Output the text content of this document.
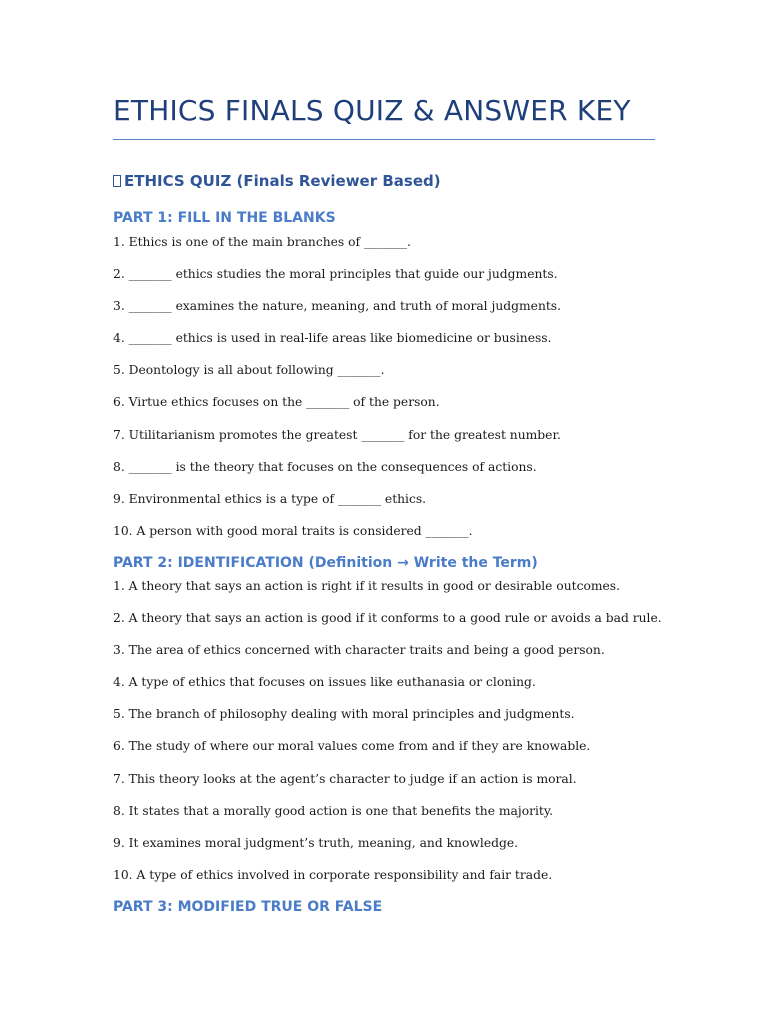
ETHICS FINALS QUIZ & ANSWER KEY
ETHICS QUIZ (Finals Reviewer Based)
PART 1: FILL IN THE BLANKS
1. Ethics is one of the main branches of _______.
2. _______ ethics studies the moral principles that guide our judgments.
3. _______ examines the nature, meaning, and truth of moral judgments.
4. _______ ethics is used in real-life areas like biomedicine or business.
5. Deontology is all about following _______.
6. Virtue ethics focuses on the _______ of the person.
7. Utilitarianism promotes the greatest _______ for the greatest number.
8. _______ is the theory that focuses on the consequences of actions.
9. Environmental ethics is a type of _______ ethics.
10. A person with good moral traits is considered _______.
PART 2: IDENTIFICATION (Definition → Write the Term)
1. A theory that says an action is right if it results in good or desirable outcomes.
2. A theory that says an action is good if it conforms to a good rule or avoids a bad rule.
3. The area of ethics concerned with character traits and being a good person.
4. A type of ethics that focuses on issues like euthanasia or cloning.
5. The branch of philosophy dealing with moral principles and judgments.
6. The study of where our moral values come from and if they are knowable.
7. This theory looks at the agent’s character to judge if an action is moral.
8. It states that a morally good action is one that benefits the majority.
9. It examines moral judgment’s truth, meaning, and knowledge.
10. A type of ethics involved in corporate responsibility and fair trade.
PART 3: MODIFIED TRUE OR FALSE
